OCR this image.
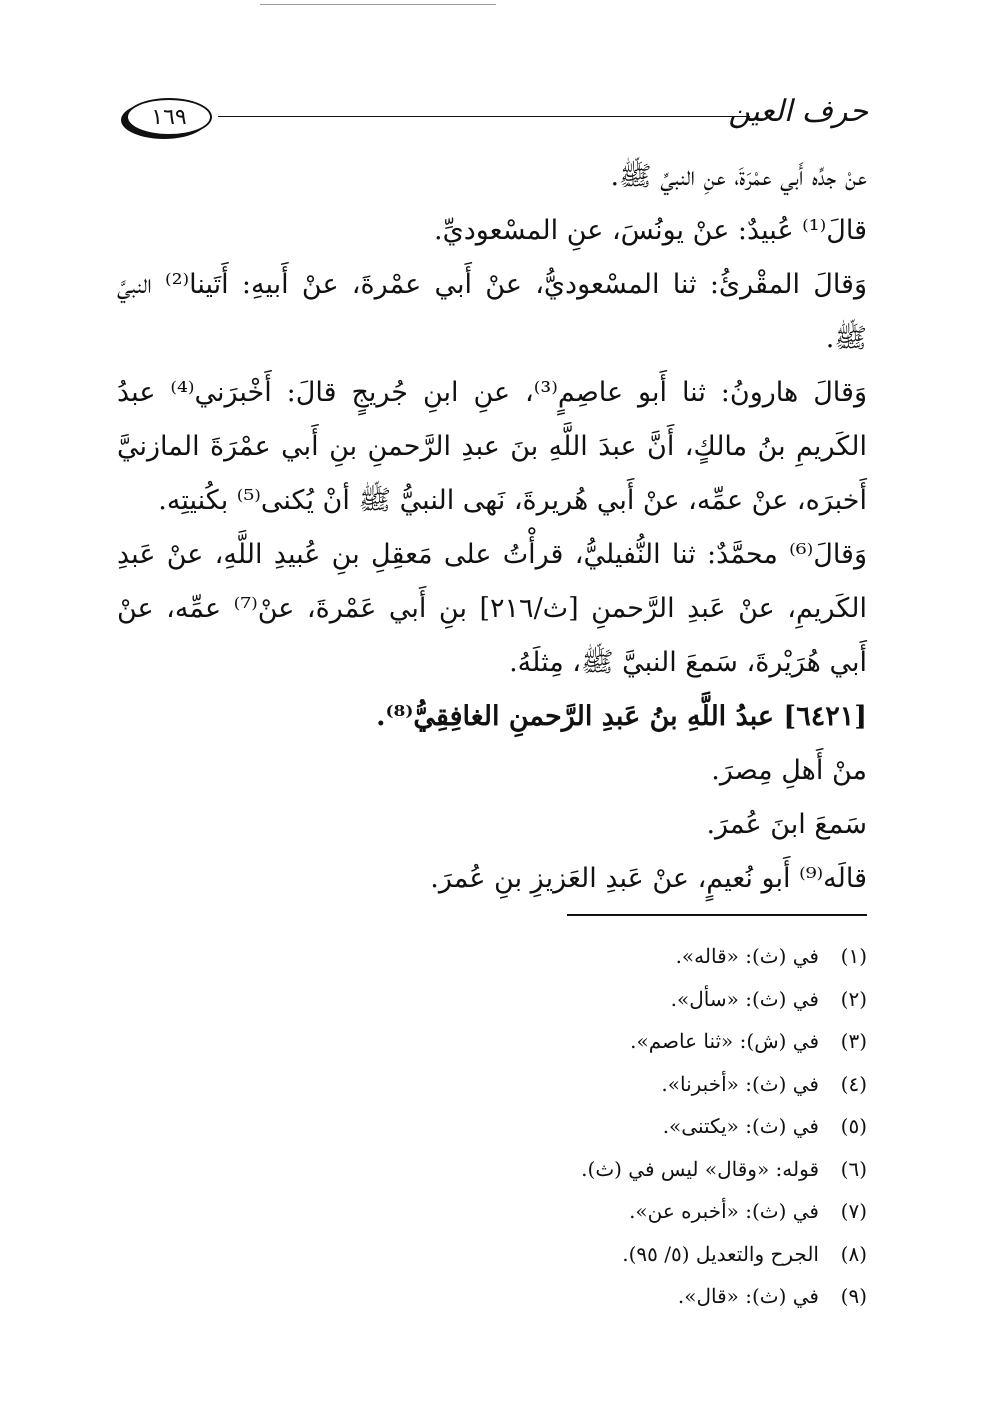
١٦٩	حرف العين

عنْ جدِّه أَبي عمْرَةَ، عنِ النبيِّ ﷺ.

قالَ⁽¹⁾ عُبيدٌ: عنْ يونُسَ، عنِ المسْعوديِّ.

وَقالَ المقْرئُ: ثنا المسْعوديُّ، عنْ أَبي عمْرةَ، عنْ أَبيهِ: أَتَينا⁽²⁾ النبيَّ ﷺ.

وَقالَ هارونُ: ثنا أَبو عاصِمٍ⁽³⁾، عنِ ابنِ جُريجٍ قالَ: أَخْبرَني⁽⁴⁾ عبدُ الكَريمِ بنُ مالكٍ، أَنَّ عبدَ اللَّهِ بنَ عبدِ الرَّحمنِ بنِ أَبي عمْرَةَ المازنيَّ أَخبرَه، عنْ عمِّه، عنْ أَبي هُريرةَ، نَهى النبيُّ ﷺ أنْ يُكنى⁽⁵⁾ بكُنيتِه.

وَقالَ⁽⁶⁾ محمَّدٌ: ثنا النُّفيليُّ، قرأْتُ على مَعقِلِ بنِ عُبيدِ اللَّهِ، عنْ عَبدِ الكَريمِ، عنْ عَبدِ الرَّحمنِ [ث/٢١٦] بنِ أَبي عَمْرةَ، عنْ⁽⁷⁾ عمِّه، عنْ أَبي هُرَيْرةَ، سَمعَ النبيَّ ﷺ، مِثلَهُ.

[٦٤٢١] عبدُ اللَّهِ بنُ عَبدِ الرَّحمنِ الغافِقِيُّ⁽⁸⁾.

منْ أَهلِ مِصرَ.

سَمعَ ابنَ عُمرَ.

قالَه⁽⁹⁾ أَبو نُعيمٍ، عنْ عَبدِ العَزيزِ بنِ عُمرَ.

(١)في (ث): «قاله».

(٢)في (ث): «سأل».

(٣)في (ش): «ثنا عاصم».

(٤)في (ث): «أخبرنا».

(٥)في (ث): «يكتنى».

(٦)قوله: «وقال» ليس في (ث).

(٧)في (ث): «أخبره عن».

(٨)الجرح والتعديل (٥/ ٩٥).

(٩)في (ث): «قال».
